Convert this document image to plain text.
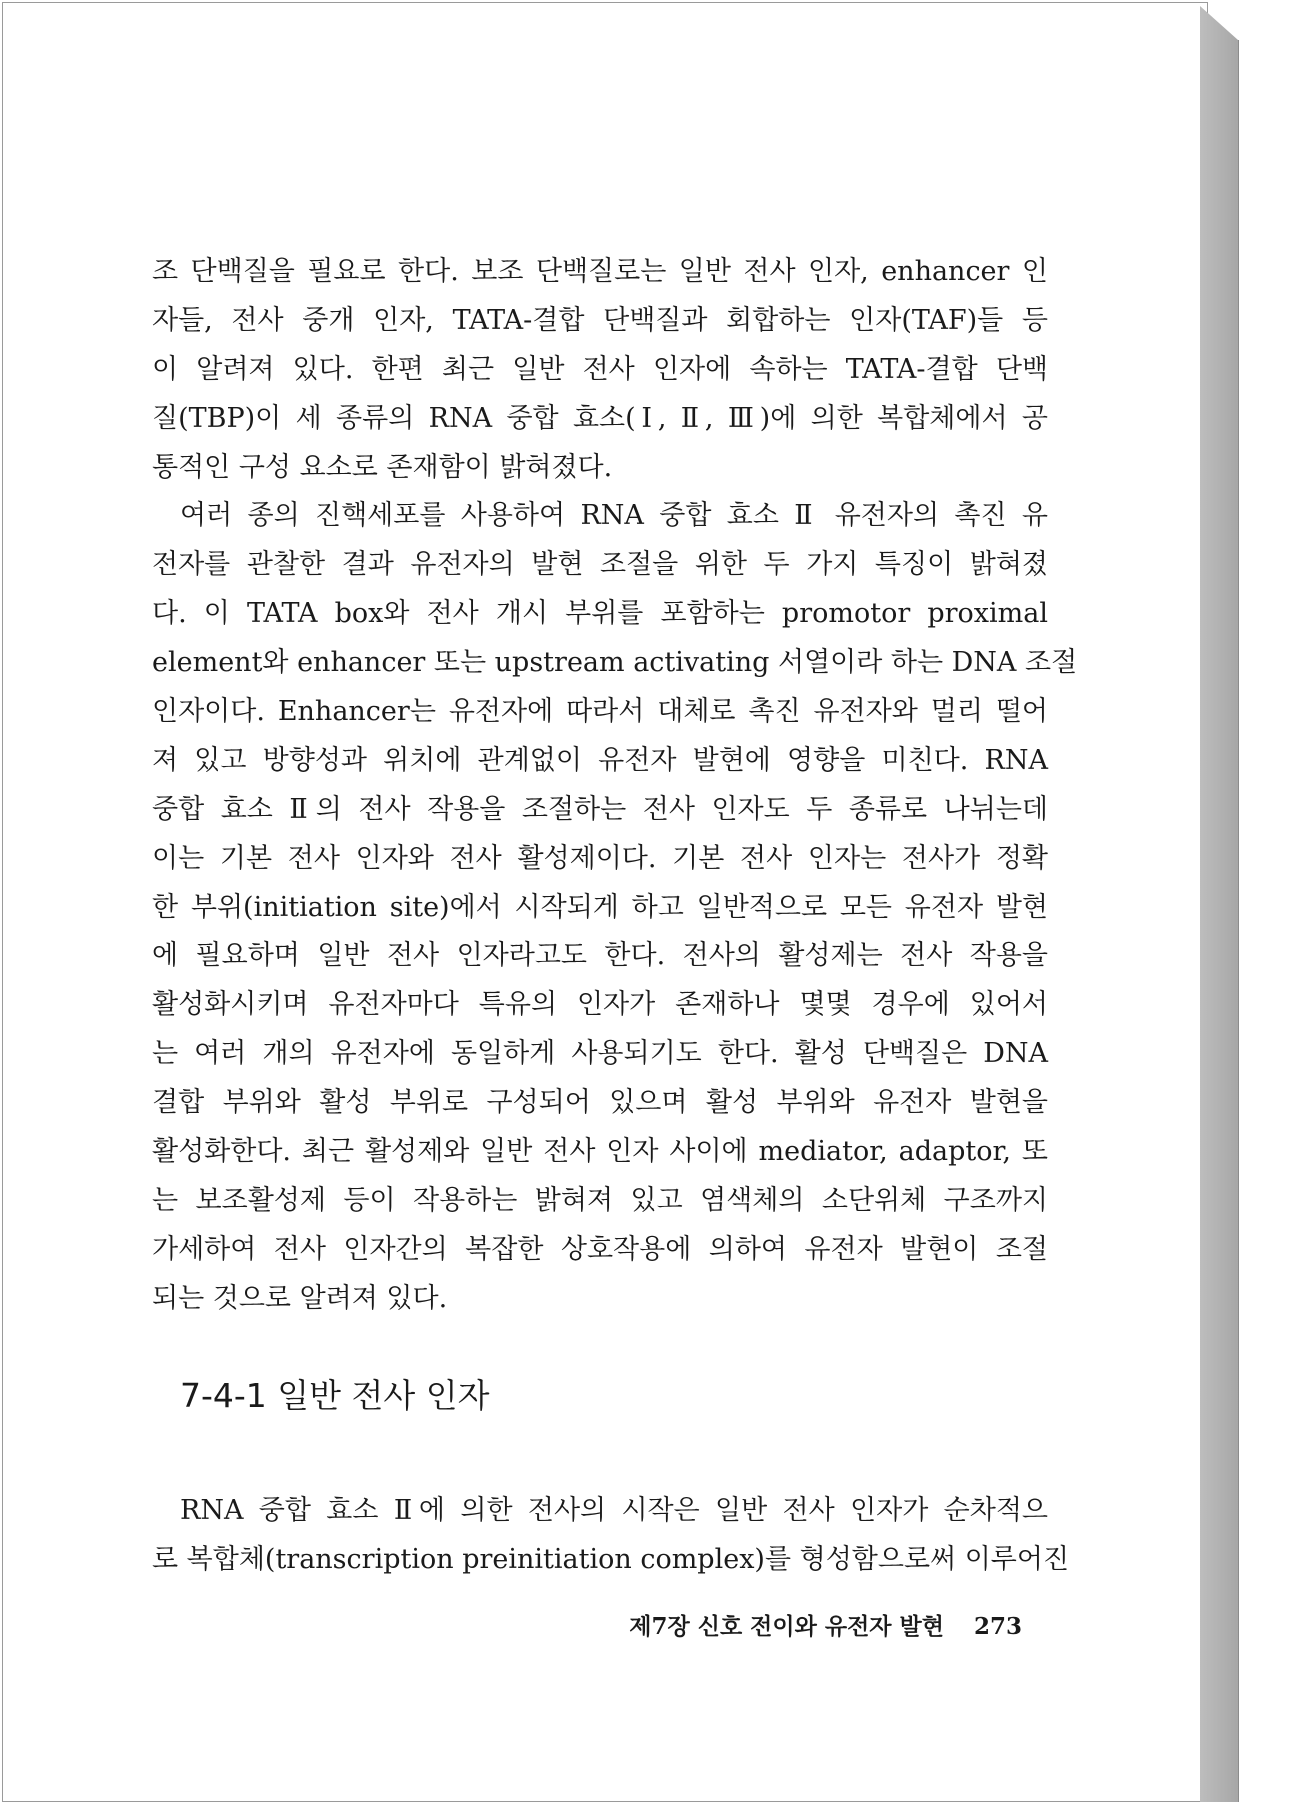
조 단백질을 필요로 한다. 보조 단백질로는 일반 전사 인자, enhancer 인
자들, 전사 중개 인자, TATA-결합 단백질과 회합하는 인자(TAF)들 등
이 알려져 있다. 한편 최근 일반 전사 인자에 속하는 TATA-결합 단백
질(TBP)이 세 종류의 RNA 중합 효소(Ⅰ, Ⅱ, Ⅲ)에 의한 복합체에서 공
통적인 구성 요소로 존재함이 밝혀졌다.
여러 종의 진핵세포를 사용하여 RNA 중합 효소 Ⅱ 유전자의 촉진 유
전자를 관찰한 결과 유전자의 발현 조절을 위한 두 가지 특징이 밝혀졌
다. 이 TATA box와 전사 개시 부위를 포함하는 promotor proximal
element와 enhancer 또는 upstream activating 서열이라 하는 DNA 조절
인자이다. Enhancer는 유전자에 따라서 대체로 촉진 유전자와 멀리 떨어
져 있고 방향성과 위치에 관계없이 유전자 발현에 영향을 미친다. RNA
중합 효소 Ⅱ의 전사 작용을 조절하는 전사 인자도 두 종류로 나뉘는데
이는 기본 전사 인자와 전사 활성제이다. 기본 전사 인자는 전사가 정확
한 부위(initiation site)에서 시작되게 하고 일반적으로 모든 유전자 발현
에 필요하며 일반 전사 인자라고도 한다. 전사의 활성제는 전사 작용을
활성화시키며 유전자마다 특유의 인자가 존재하나 몇몇 경우에 있어서
는 여러 개의 유전자에 동일하게 사용되기도 한다. 활성 단백질은 DNA
결합 부위와 활성 부위로 구성되어 있으며 활성 부위와 유전자 발현을
활성화한다. 최근 활성제와 일반 전사 인자 사이에 mediator, adaptor, 또
는 보조활성제 등이 작용하는 밝혀져 있고 염색체의 소단위체 구조까지
가세하여 전사 인자간의 복잡한 상호작용에 의하여 유전자 발현이 조절
되는 것으로 알려져 있다.
7-4-1 일반 전사 인자
RNA 중합 효소 Ⅱ에 의한 전사의 시작은 일반 전사 인자가 순차적으
로 복합체(transcription preinitiation complex)를 형성함으로써 이루어진
제7장 신호 전이와 유전자 발현 273
